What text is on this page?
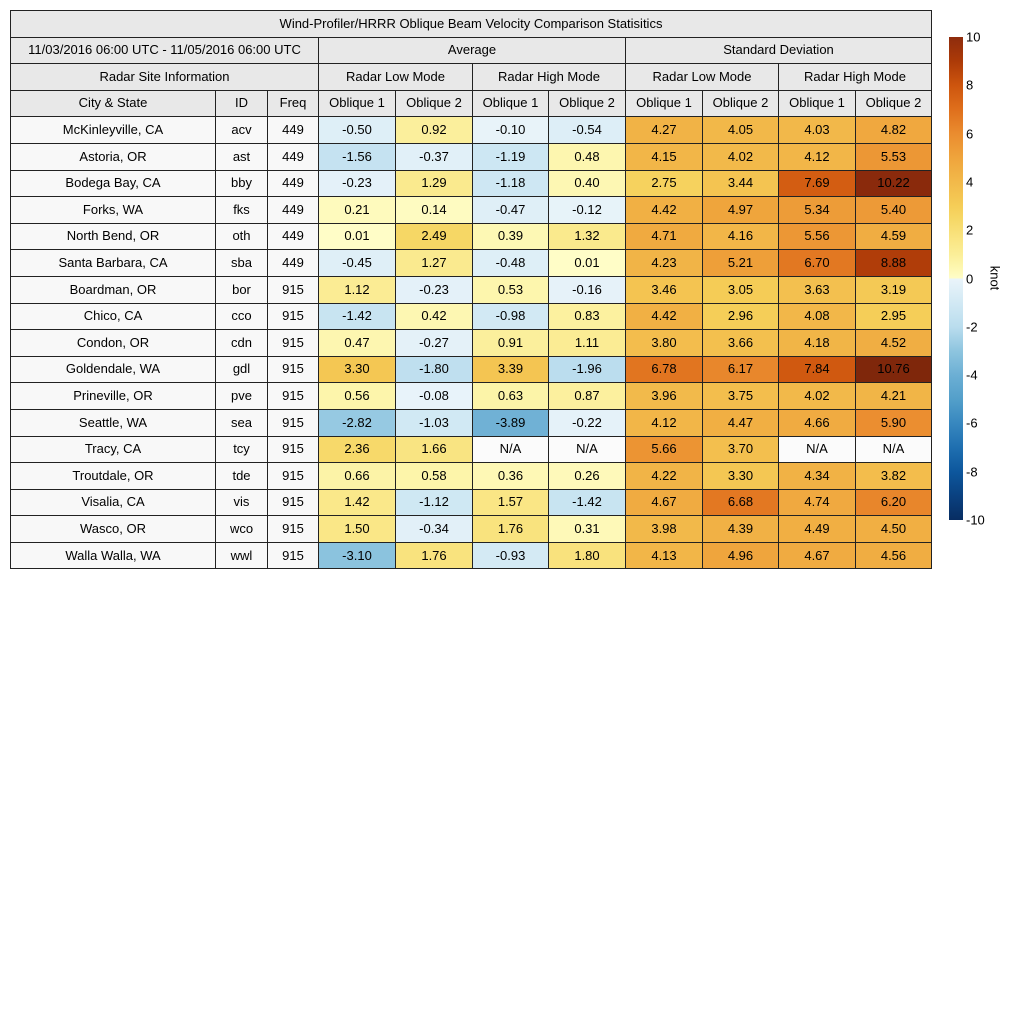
Wind-Profiler/HRRR Oblique Beam Velocity Comparison Statisitics										
11/03/2016 06:00 UTC - 11/05/2016 06:00 UTC			Average				Standard Deviation			
Radar Site Information			Radar Low Mode		Radar High Mode		Radar Low Mode		Radar High Mode	
City & State	ID	Freq	Oblique 1	Oblique 2	Oblique 1	Oblique 2	Oblique 1	Oblique 2	Oblique 1	Oblique 2
McKinleyville, CA	acv	449	-0.50	0.92	-0.10	-0.54	4.27	4.05	4.03	4.82
Astoria, OR	ast	449	-1.56	-0.37	-1.19	0.48	4.15	4.02	4.12	5.53
Bodega Bay, CA	bby	449	-0.23	1.29	-1.18	0.40	2.75	3.44	7.69	10.22
Forks, WA	fks	449	0.21	0.14	-0.47	-0.12	4.42	4.97	5.34	5.40
North Bend, OR	oth	449	0.01	2.49	0.39	1.32	4.71	4.16	5.56	4.59
Santa Barbara, CA	sba	449	-0.45	1.27	-0.48	0.01	4.23	5.21	6.70	8.88
Boardman, OR	bor	915	1.12	-0.23	0.53	-0.16	3.46	3.05	3.63	3.19
Chico, CA	cco	915	-1.42	0.42	-0.98	0.83	4.42	2.96	4.08	2.95
Condon, OR	cdn	915	0.47	-0.27	0.91	1.11	3.80	3.66	4.18	4.52
Goldendale, WA	gdl	915	3.30	-1.80	3.39	-1.96	6.78	6.17	7.84	10.76
Prineville, OR	pve	915	0.56	-0.08	0.63	0.87	3.96	3.75	4.02	4.21
Seattle, WA	sea	915	-2.82	-1.03	-3.89	-0.22	4.12	4.47	4.66	5.90
Tracy, CA	tcy	915	2.36	1.66	N/A	N/A	5.66	3.70	N/A	N/A
Troutdale, OR	tde	915	0.66	0.58	0.36	0.26	4.22	3.30	4.34	3.82
Visalia, CA	vis	915	1.42	-1.12	1.57	-1.42	4.67	6.68	4.74	6.20
Wasco, OR	wco	915	1.50	-0.34	1.76	0.31	3.98	4.39	4.49	4.50
Walla Walla, WA	wwl	915	-3.10	1.76	-0.93	1.80	4.13	4.96	4.67	4.56
10
8
6
4
2
0
-2
-4
-6
-8
-10
knot
